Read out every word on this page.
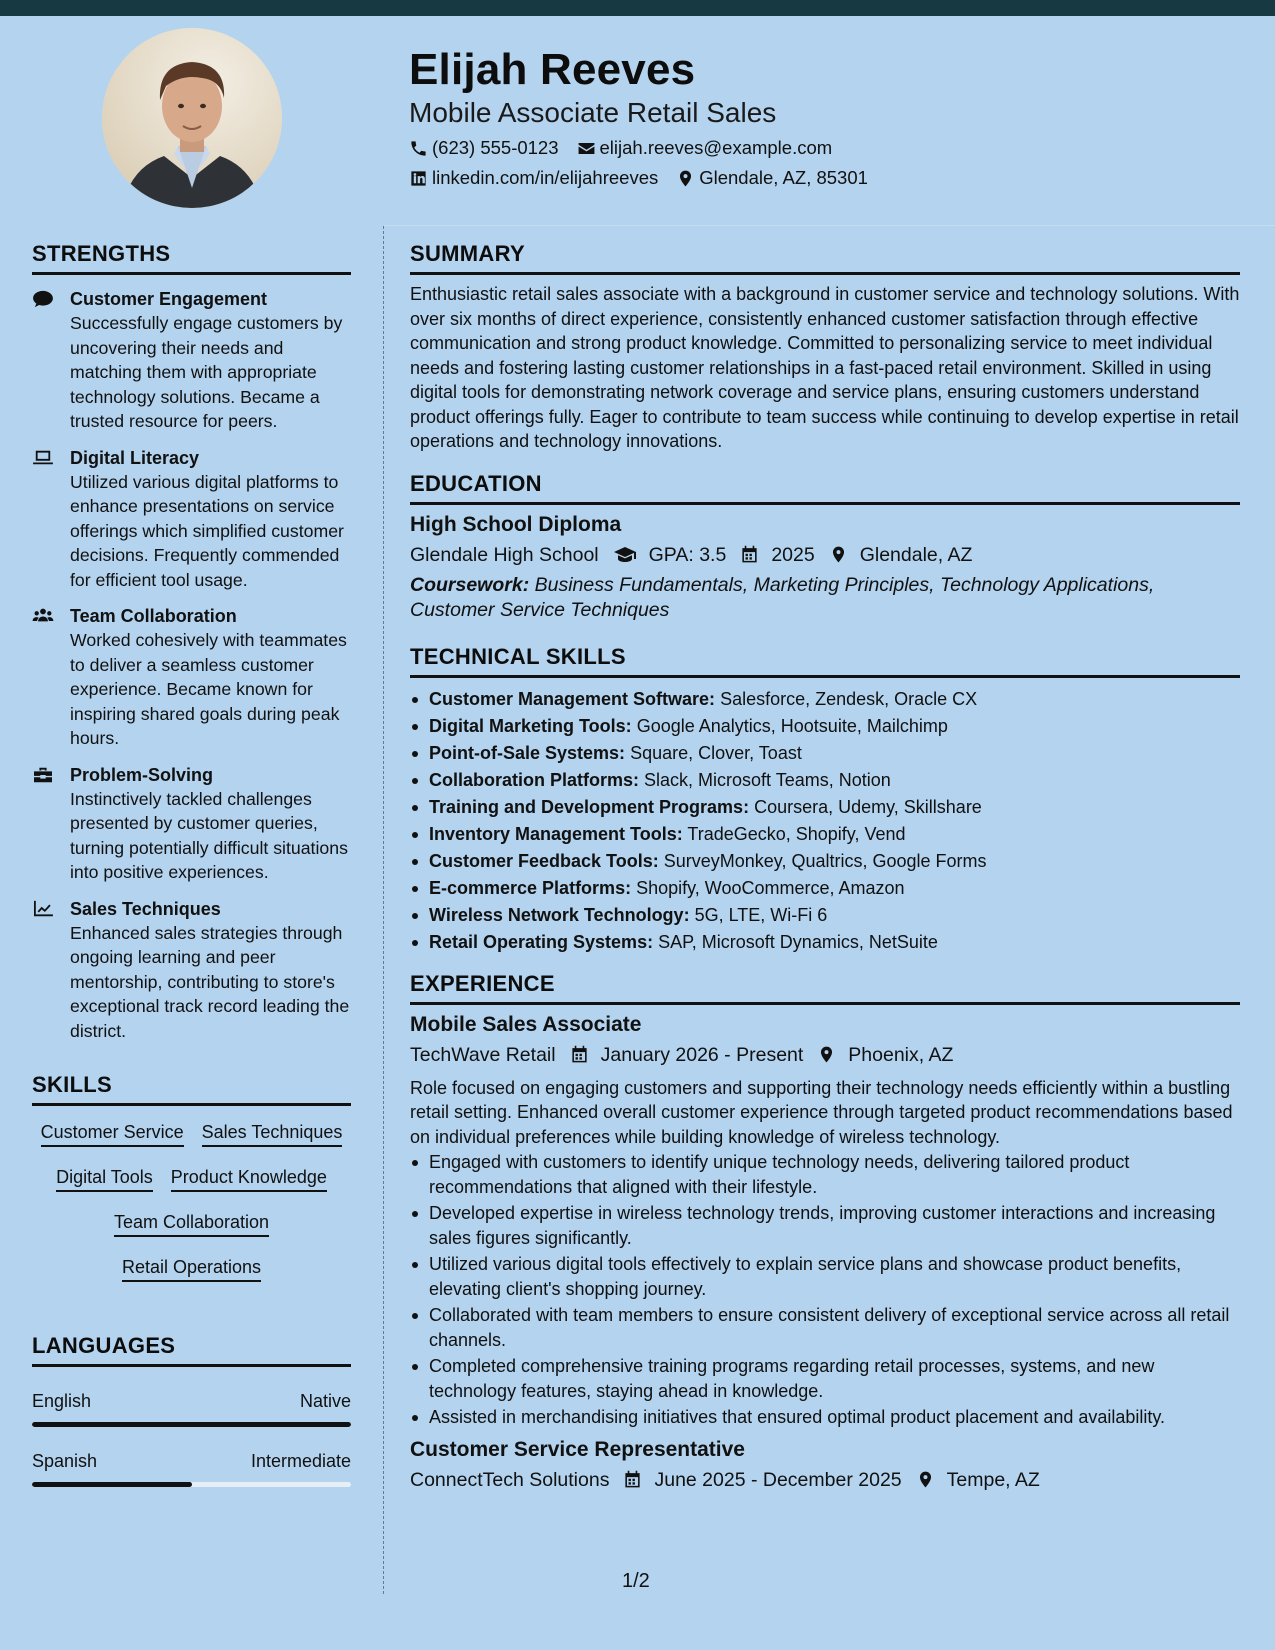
Elijah Reeves
Mobile Associate Retail Sales
(623) 555-0123 elijah.reeves@example.com
linkedin.com/in/elijahreeves Glendale, AZ, 85301
STRENGTHS
Customer Engagement
Successfully engage customers by uncovering their needs and matching them with appropriate technology solutions. Became a trusted resource for peers.
Digital Literacy
Utilized various digital platforms to enhance presentations on service offerings which simplified customer decisions. Frequently commended for efficient tool usage.
Team Collaboration
Worked cohesively with teammates to deliver a seamless customer experience. Became known for inspiring shared goals during peak hours.
Problem-Solving
Instinctively tackled challenges presented by customer queries, turning potentially difficult situations into positive experiences.
Sales Techniques
Enhanced sales strategies through ongoing learning and peer mentorship, contributing to store's exceptional track record leading the district.
SKILLS
Customer Service Sales Techniques
Digital Tools Product Knowledge
Team Collaboration
Retail Operations
LANGUAGES
English	Native
Spanish	Intermediate
SUMMARY
Enthusiastic retail sales associate with a background in customer service and technology solutions. With over six months of direct experience, consistently enhanced customer satisfaction through effective communication and strong product knowledge. Committed to personalizing service to meet individual needs and fostering lasting customer relationships in a fast-paced retail environment. Skilled in using digital tools for demonstrating network coverage and service plans, ensuring customers understand product offerings fully. Eager to contribute to team success while continuing to develop expertise in retail operations and technology innovations.
EDUCATION
High School Diploma
Glendale High School	GPA: 3.5 2025 Glendale, AZ
Coursework: Business Fundamentals, Marketing Principles, Technology Applications, Customer Service Techniques
TECHNICAL SKILLS
Customer Management Software: Salesforce, Zendesk, Oracle CX
Digital Marketing Tools: Google Analytics, Hootsuite, Mailchimp
Point-of-Sale Systems: Square, Clover, Toast
Collaboration Platforms: Slack, Microsoft Teams, Notion
Training and Development Programs: Coursera, Udemy, Skillshare
Inventory Management Tools: TradeGecko, Shopify, Vend
Customer Feedback Tools: SurveyMonkey, Qualtrics, Google Forms
E-commerce Platforms: Shopify, WooCommerce, Amazon
Wireless Network Technology: 5G, LTE, Wi-Fi 6
Retail Operating Systems: SAP, Microsoft Dynamics, NetSuite
EXPERIENCE
Mobile Sales Associate
TechWave Retail January 2026 - Present Phoenix, AZ
Role focused on engaging customers and supporting their technology needs efficiently within a bustling retail setting. Enhanced overall customer experience through targeted product recommendations based on individual preferences while building knowledge of wireless technology.
Engaged with customers to identify unique technology needs, delivering tailored product recommendations that aligned with their lifestyle.
Developed expertise in wireless technology trends, improving customer interactions and increasing sales figures significantly.
Utilized various digital tools effectively to explain service plans and showcase product benefits, elevating client's shopping journey.
Collaborated with team members to ensure consistent delivery of exceptional service across all retail channels.
Completed comprehensive training programs regarding retail processes, systems, and new technology features, staying ahead in knowledge.
Assisted in merchandising initiatives that ensured optimal product placement and availability.
Customer Service Representative
ConnectTech Solutions June 2025 - December 2025 Tempe, AZ
1/2
